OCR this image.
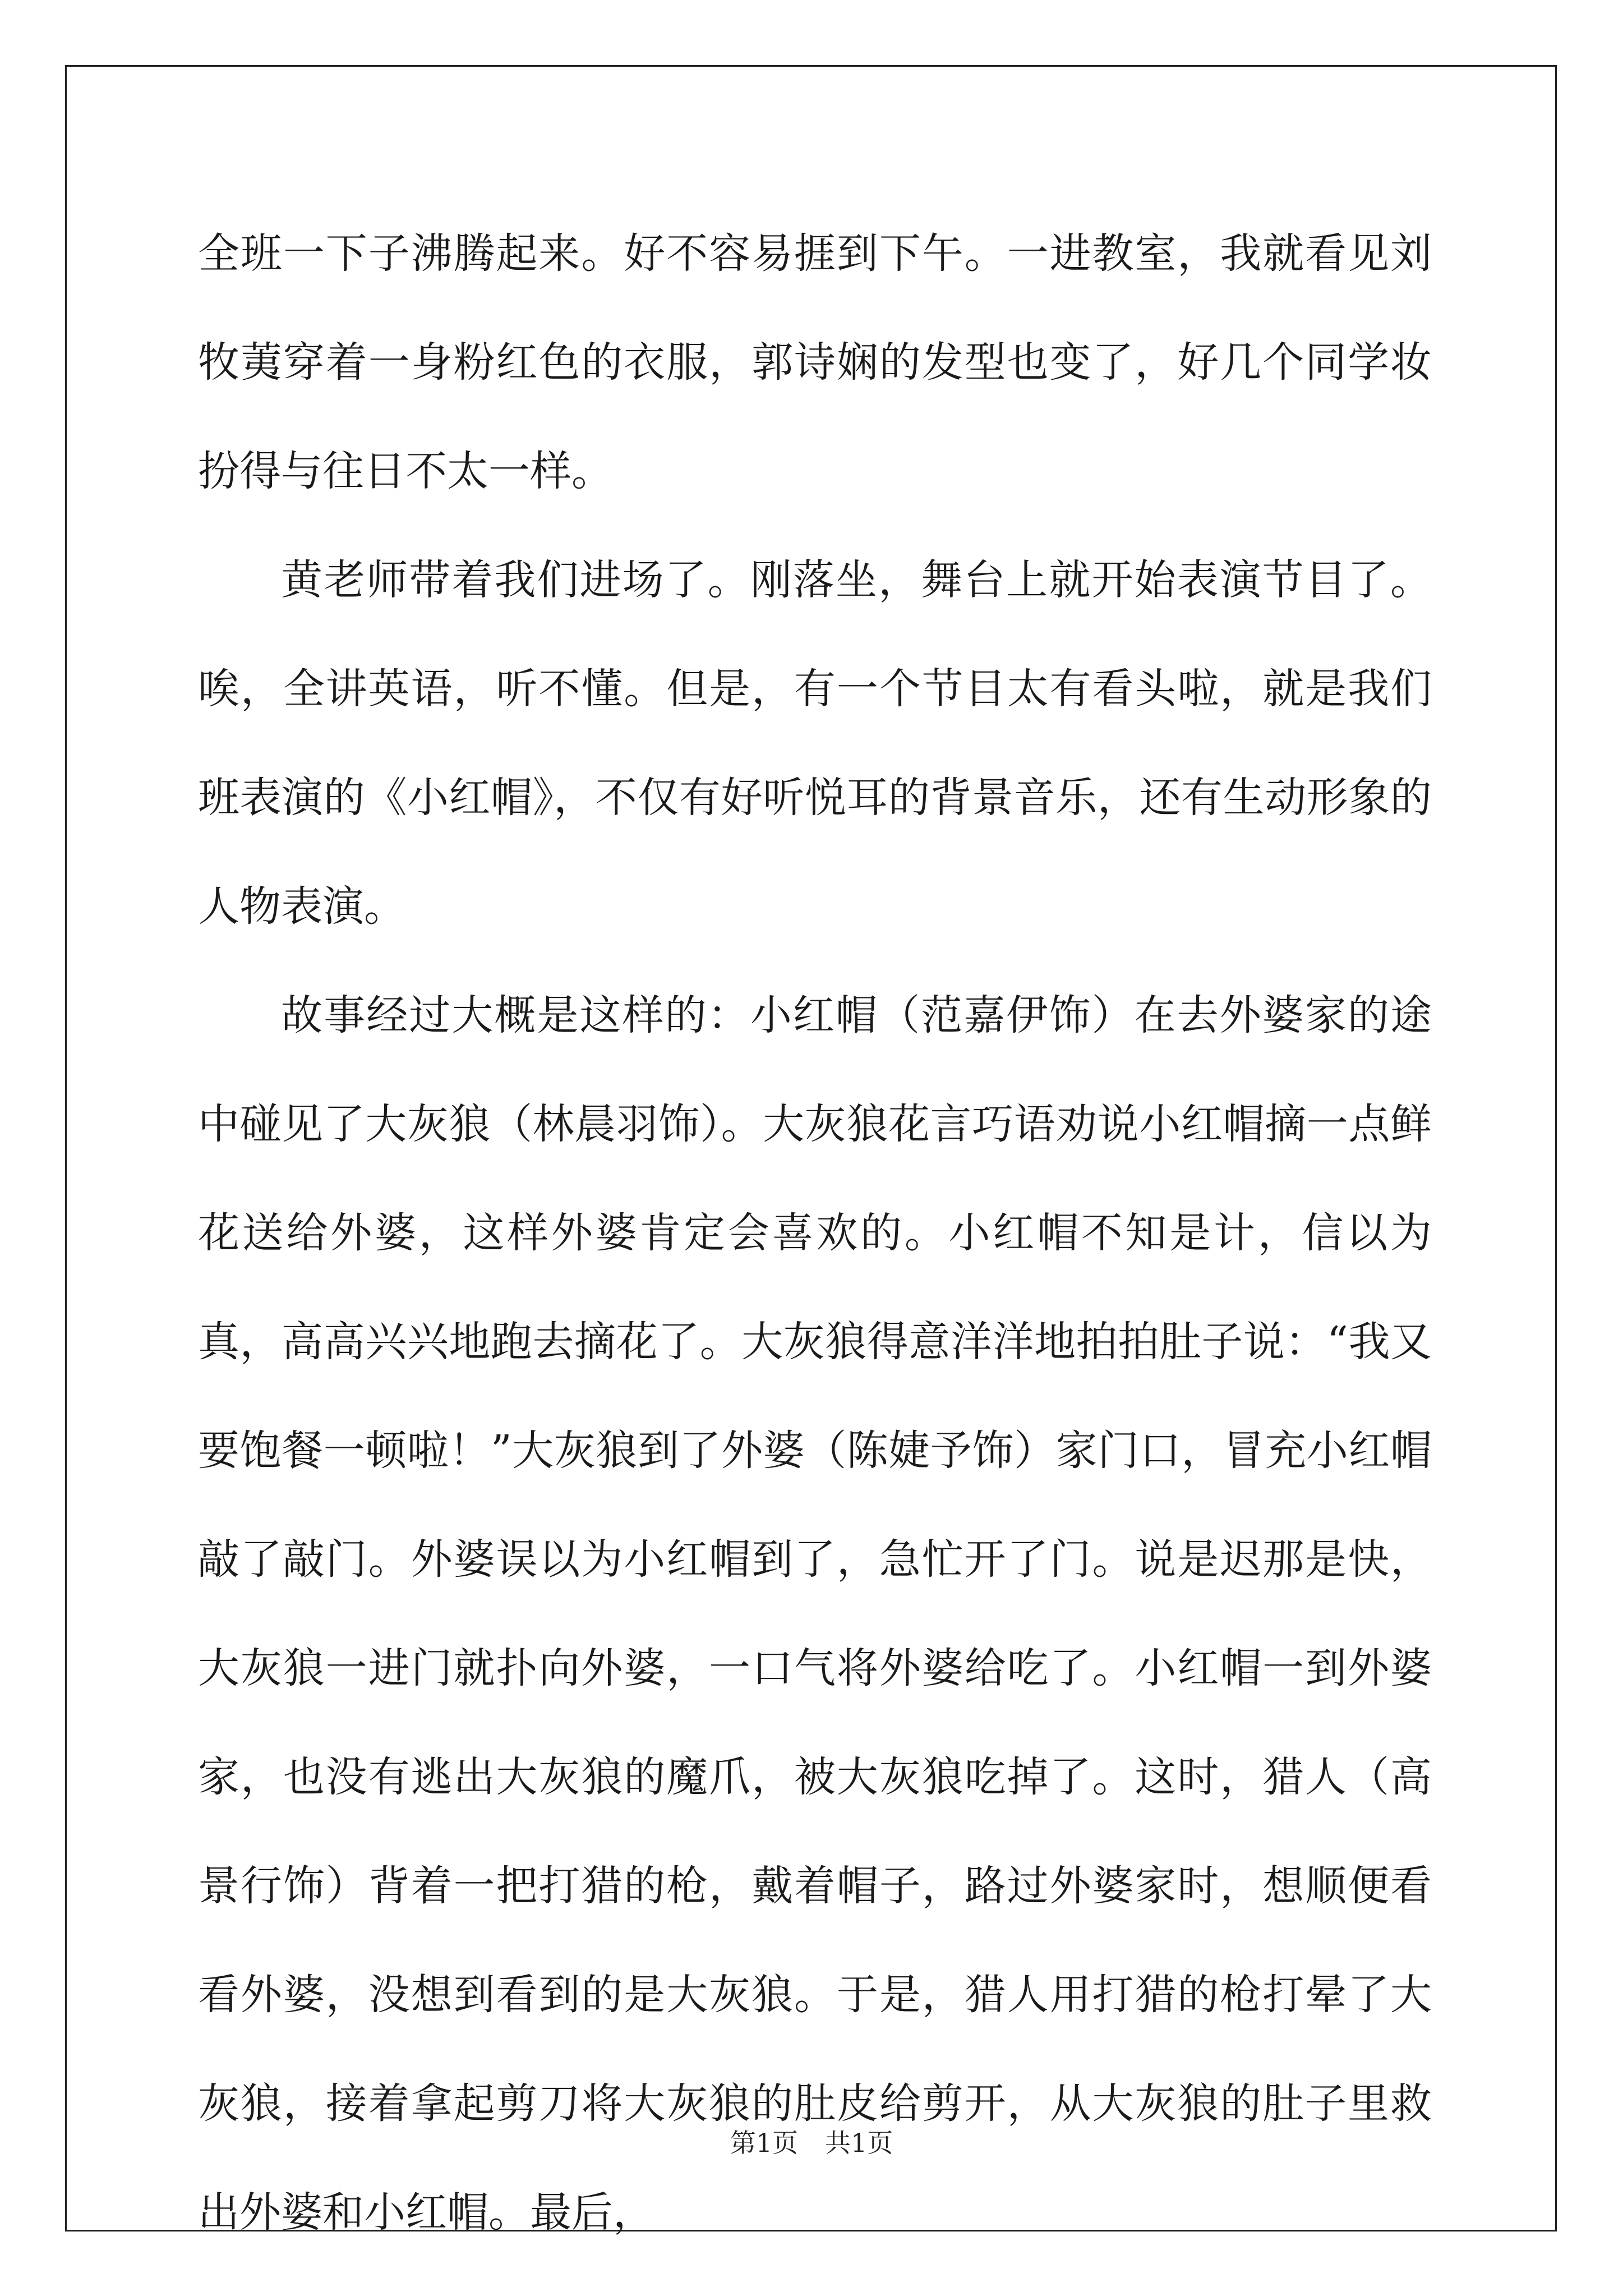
全班一下子沸腾起来。好不容易捱到下午。一进教室，我就看见刘牧荑穿着一身粉红色的衣服，郭诗娴的发型也变了，好几个同学妆扮得与往日不太一样。

黄老师带着我们进场了。刚落坐，舞台上就开始表演节目了。唉，全讲英语，听不懂。但是，有一个节目太有看头啦，就是我们班表演的《小红帽》，不仅有好听悦耳的背景音乐，还有生动形象的人物表演。

故事经过大概是这样的：小红帽（范嘉伊饰）在去外婆家的途中碰见了大灰狼（林晨羽饰）。大灰狼花言巧语劝说小红帽摘一点鲜花送给外婆，这样外婆肯定会喜欢的。小红帽不知是计，信以为真，高高兴兴地跑去摘花了。大灰狼得意洋洋地拍拍肚子说：“我又要饱餐一顿啦！”大灰狼到了外婆（陈婕予饰）家门口，冒充小红帽敲了敲门。外婆误以为小红帽到了，急忙开了门。说是迟那是快，大灰狼一进门就扑向外婆，一口气将外婆给吃了。小红帽一到外婆家，也没有逃出大灰狼的魔爪，被大灰狼吃掉了。这时，猎人（高景行饰）背着一把打猎的枪，戴着帽子，路过外婆家时，想顺便看看外婆，没想到看到的是大灰狼。于是，猎人用打猎的枪打晕了大灰狼，接着拿起剪刀将大灰狼的肚皮给剪开，从大灰狼的肚子里救出外婆和小红帽。最后，

第1页 共1页
